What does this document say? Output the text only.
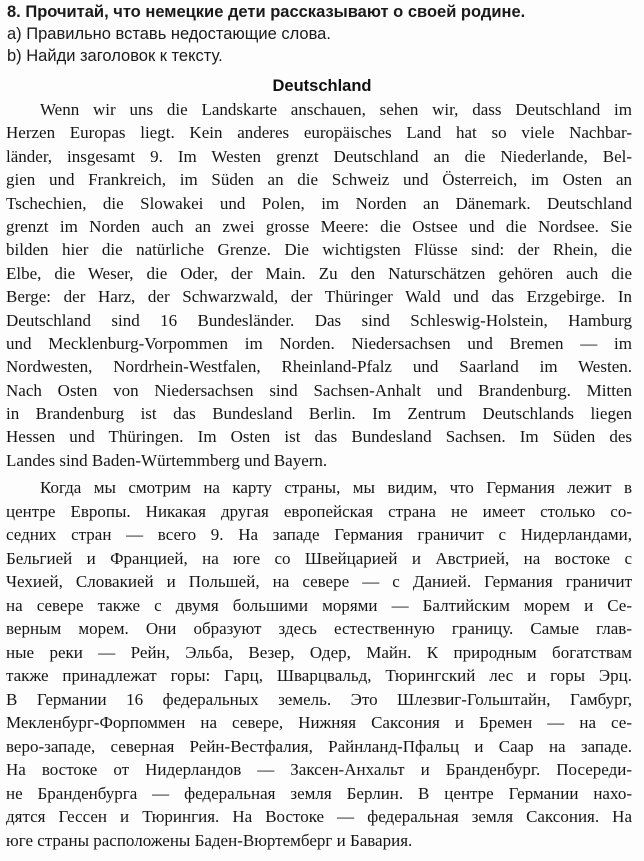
8. Прочитай, что немецкие дети рассказывают о своей родине.
a) Правильно вставь недостающие слова.
b) Найди заголовок к тексту.
Deutschland
Wenn wir uns die Landskarte anschauen, sehen wir, dass Deutschland im
Herzen Europas liegt. Kein anderes europäisches Land hat so viele Nachbar-
länder, insgesamt 9. Im Westen grenzt Deutschland an die Niederlande, Bel-
gien und Frankreich, im Süden an die Schweiz und Österreich, im Osten an
Tschechien, die Slowakei und Polen, im Norden an Dänemark. Deutschland
grenzt im Norden auch an zwei grosse Meere: die Ostsee und die Nordsee. Sie
bilden hier die natürliche Grenze. Die wichtigsten Flüsse sind: der Rhein, die
Elbe, die Weser, die Oder, der Main. Zu den Naturschätzen gehören auch die
Berge: der Harz, der Schwarzwald, der Thüringer Wald und das Erzgebirge. In
Deutschland sind 16 Bundesländer. Das sind Schleswig-Holstein, Hamburg
und Mecklenburg-Vorpommen im Norden. Niedersachsen und Bremen — im
Nordwesten, Nordrhein-Westfalen, Rheinland-Pfalz und Saarland im Westen.
Nach Osten von Niedersachsen sind Sachsen-Anhalt und Brandenburg. Mitten
in Brandenburg ist das Bundesland Berlin. Im Zentrum Deutschlands liegen
Hessen und Thüringen. Im Osten ist das Bundesland Sachsen. Im Süden des
Landes sind Baden-Würtemmberg und Bayern.
Когда мы смотрим на карту страны, мы видим, что Германия лежит в
центре Европы. Никакая другая европейская страна не имеет столько со-
седних стран — всего 9. На западе Германия граничит с Нидерландами,
Бельгией и Францией, на юге со Швейцарией и Австрией, на востоке с
Чехией, Словакией и Польшей, на севере — с Данией. Германия граничит
на севере также с двумя большими морями — Балтийским морем и Се-
верным морем. Они образуют здесь естественную границу. Самые глав-
ные реки — Рейн, Эльба, Везер, Одер, Майн. К природным богатствам
также принадлежат горы: Гарц, Шварцвальд, Тюрингский лес и горы Эрц.
В Германии 16 федеральных земель. Это Шлезвиг-Гольштайн, Гамбург,
Мекленбург-Форпоммен на севере, Нижняя Саксония и Бремен — на се-
веро-западе, северная Рейн-Вестфалия, Райнланд-Пфальц и Саар на западе.
На востоке от Нидерландов — Заксен-Анхальт и Бранденбург. Посереди-
не Бранденбурга — федеральная земля Берлин. В центре Германии нахо-
дятся Гессен и Тюрингия. На Востоке — федеральная земля Саксония. На
юге страны расположены Баден-Вюртемберг и Бавария.
